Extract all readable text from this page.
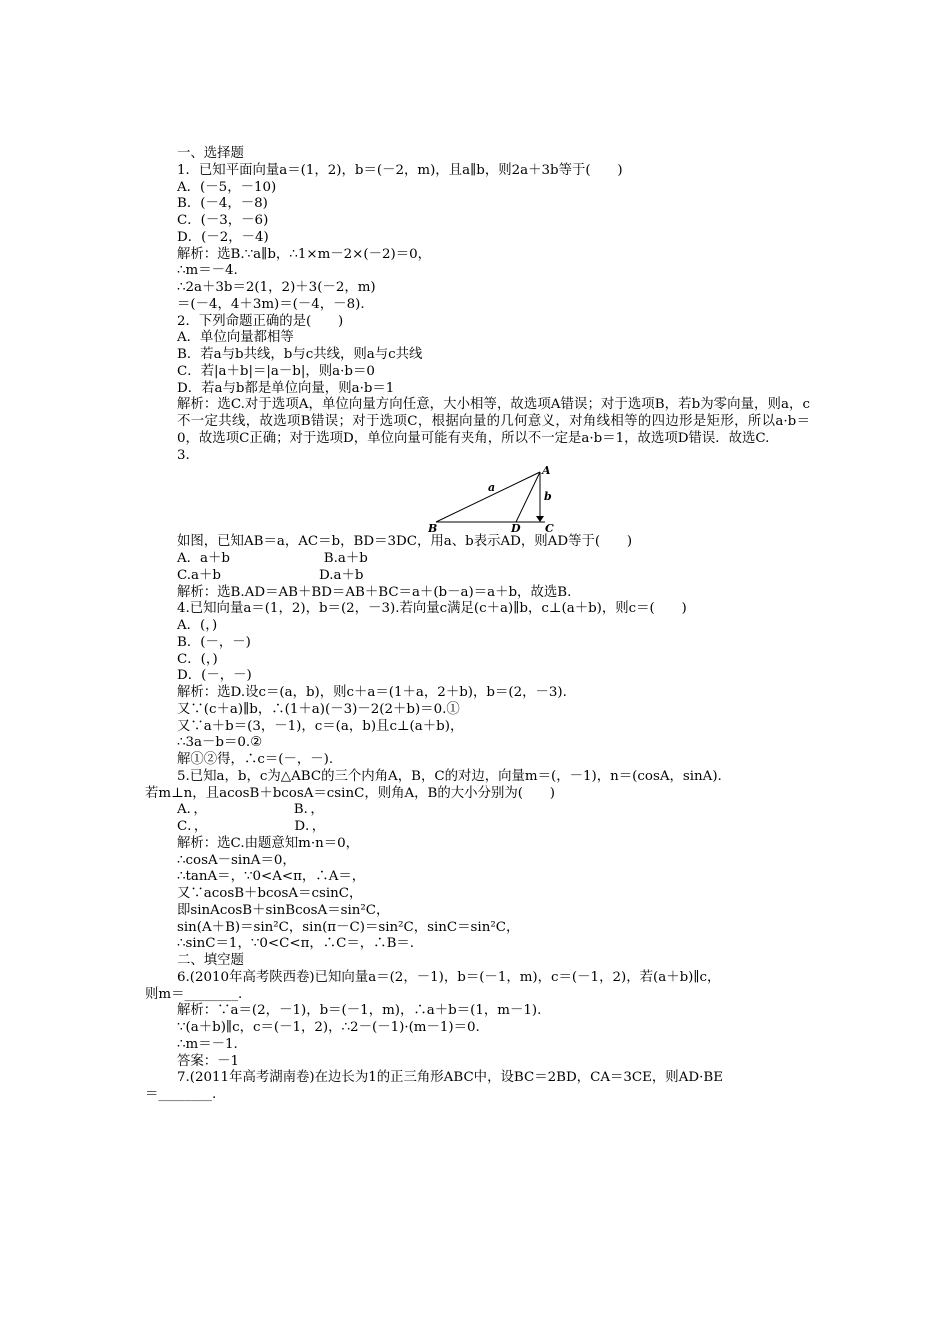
一、选择题
1．已知平面向量a＝(1，2)，b＝(－2，m)，且a∥b，则2a＋3b等于(　　)
A．(－5，－10)
B．(－4，－8)
C．(－3，－6)
D．(－2，－4)
解析：选B.∵a∥b，∴1×m－2×(－2)＝0，
∴m＝－4.
∴2a＋3b＝2(1，2)＋3(－2，m)
＝(－4，4＋3m)＝(－4，－8).
2．下列命题正确的是(　　)
A．单位向量都相等
B．若a与b共线，b与c共线，则a与c共线
C．若|a＋b|＝|a－b|，则a·b＝0
D．若a与b都是单位向量，则a·b＝1
解析：选C.对于选项A，单位向量方向任意，大小相等，故选项A错误；对于选项B，若b为零向量，则a，c不一定共线，故选项B错误；对于选项C，根据向量的几何意义，对角线相等的四边形是矩形，所以a·b＝0，故选项C正确；对于选项D，单位向量可能有夹角，所以不一定是a·b＝1，故选项D错误．故选C.
3.
A
B	C
D
a
b
如图，已知AB＝a，AC＝b，BD＝3DC，用a、b表示AD，则AD等于(　　)
A．a＋b　　　　　　　B.a＋b
C.a＋b　　　　　　　 D.a＋b
解析：选B.AD＝AB＋BD＝AB＋BC＝a＋(b－a)＝a＋b，故选B.
4.已知向量a＝(1，2)，b＝(2，－3).若向量c满足(c＋a)∥b，c⊥(a＋b)，则c＝(　　)
A．(，)
B．(－，－)
C．(，)
D．(－，－)
解析：选D.设c＝(a，b)，则c＋a＝(1＋a，2＋b)，b＝(2，－3).
又∵(c＋a)∥b，∴(1＋a)(－3)－2(2＋b)＝0.①
又∵a＋b＝(3，－1)，c＝(a，b)且c⊥(a＋b)，
∴3a－b＝0.②
解①②得，∴c＝(－，－).
5.已知a，b，c为△ABC的三个内角A，B，C的对边，向量m＝(，－1)，n＝(cosA，sinA).
若m⊥n，且acosB＋bcosA＝csinC，则角A，B的大小分别为(　　)
A．，　　　　　　　B．，
C．，　　　　　　　D．，
解析：选C.由题意知m·n＝0，
∴cosA－sinA＝0，
∴tanA＝，∵0<A<π，∴A＝，
又∵acosB＋bcosA＝csinC，
即sinAcosB＋sinBcosA＝sin²C，
sin(A＋B)＝sin²C，sin(π－C)＝sin²C，sinC＝sin²C，
∴sinC＝1，∵0<C<π，∴C＝，∴B＝.
二、填空题
6.(2010年高考陕西卷)已知向量a＝(2，－1)，b＝(－1，m)，c＝(－1，2)，若(a＋b)∥c，
则m＝________.
解析：∵a＝(2，－1)，b＝(－1，m)，∴a＋b＝(1，m－1).
∵(a＋b)∥c，c＝(－1，2)，∴2－(－1)·(m－1)＝0.
∴m＝－1.
答案：－1
7.(2011年高考湖南卷)在边长为1的正三角形ABC中，设BC＝2BD，CA＝3CE，则AD·BE
＝________.
